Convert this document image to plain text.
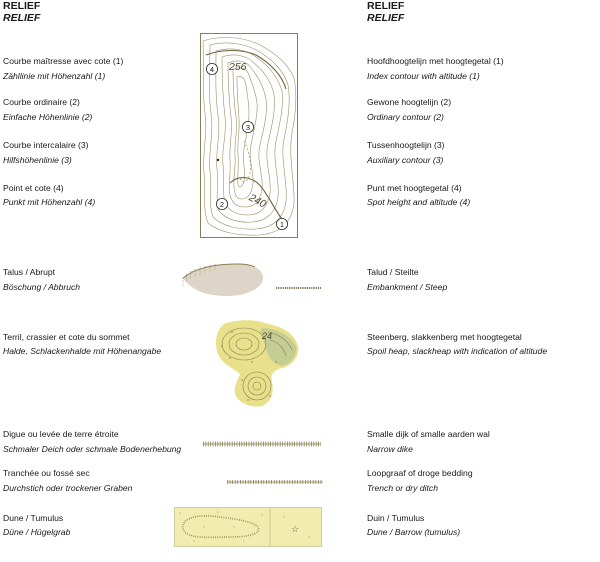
RELIEF
RELIEF
RELIEF
RELIEF
Courbe maîtresse avec cote (1)
Zähllinie mit Höhenzahl (1)
Hoofdhoogtelijn met hoogtegetal (1)
Index contour with altitude (1)
Courbe ordinaire (2)
Einfache Höhenlinie (2)
Gewone hoogtelijn (2)
Ordinary contour (2)
Courbe intercalaire (3)
Hilfshöhenlinie (3)
Tussenhoogtelijn (3)
Auxiliary contour (3)
Point et cote (4)
Punkt mit Höhenzahl (4)
Punt met hoogtegetal (4)
Spot height and altitude (4)
Talus / Abrupt
Böschung / Abbruch
Talud / Steilte
Embankment / Steep
Terril, crassier et cote du sommet
Halde, Schlackenhalde mit Höhenangabe
Steenberg, slakkenberg met hoogtegetal
Spoil heap, slackheap with indication of altitude
Digue ou levée de terre étroite
Schmaler Deich oder schmale Bodenerhebung
Smalle dijk of smalle aarden wal
Narrow dike
Tranchée ou fossé sec
Durchstich oder trockener Graben
Loopgraaf of droge bedding
Trench or dry ditch
Dune / Tumulus
Düne / Hügelgrab
Duin / Tumulus
Dune / Barrow (tumulus)
256
240
4
3
2
1
24
☆
